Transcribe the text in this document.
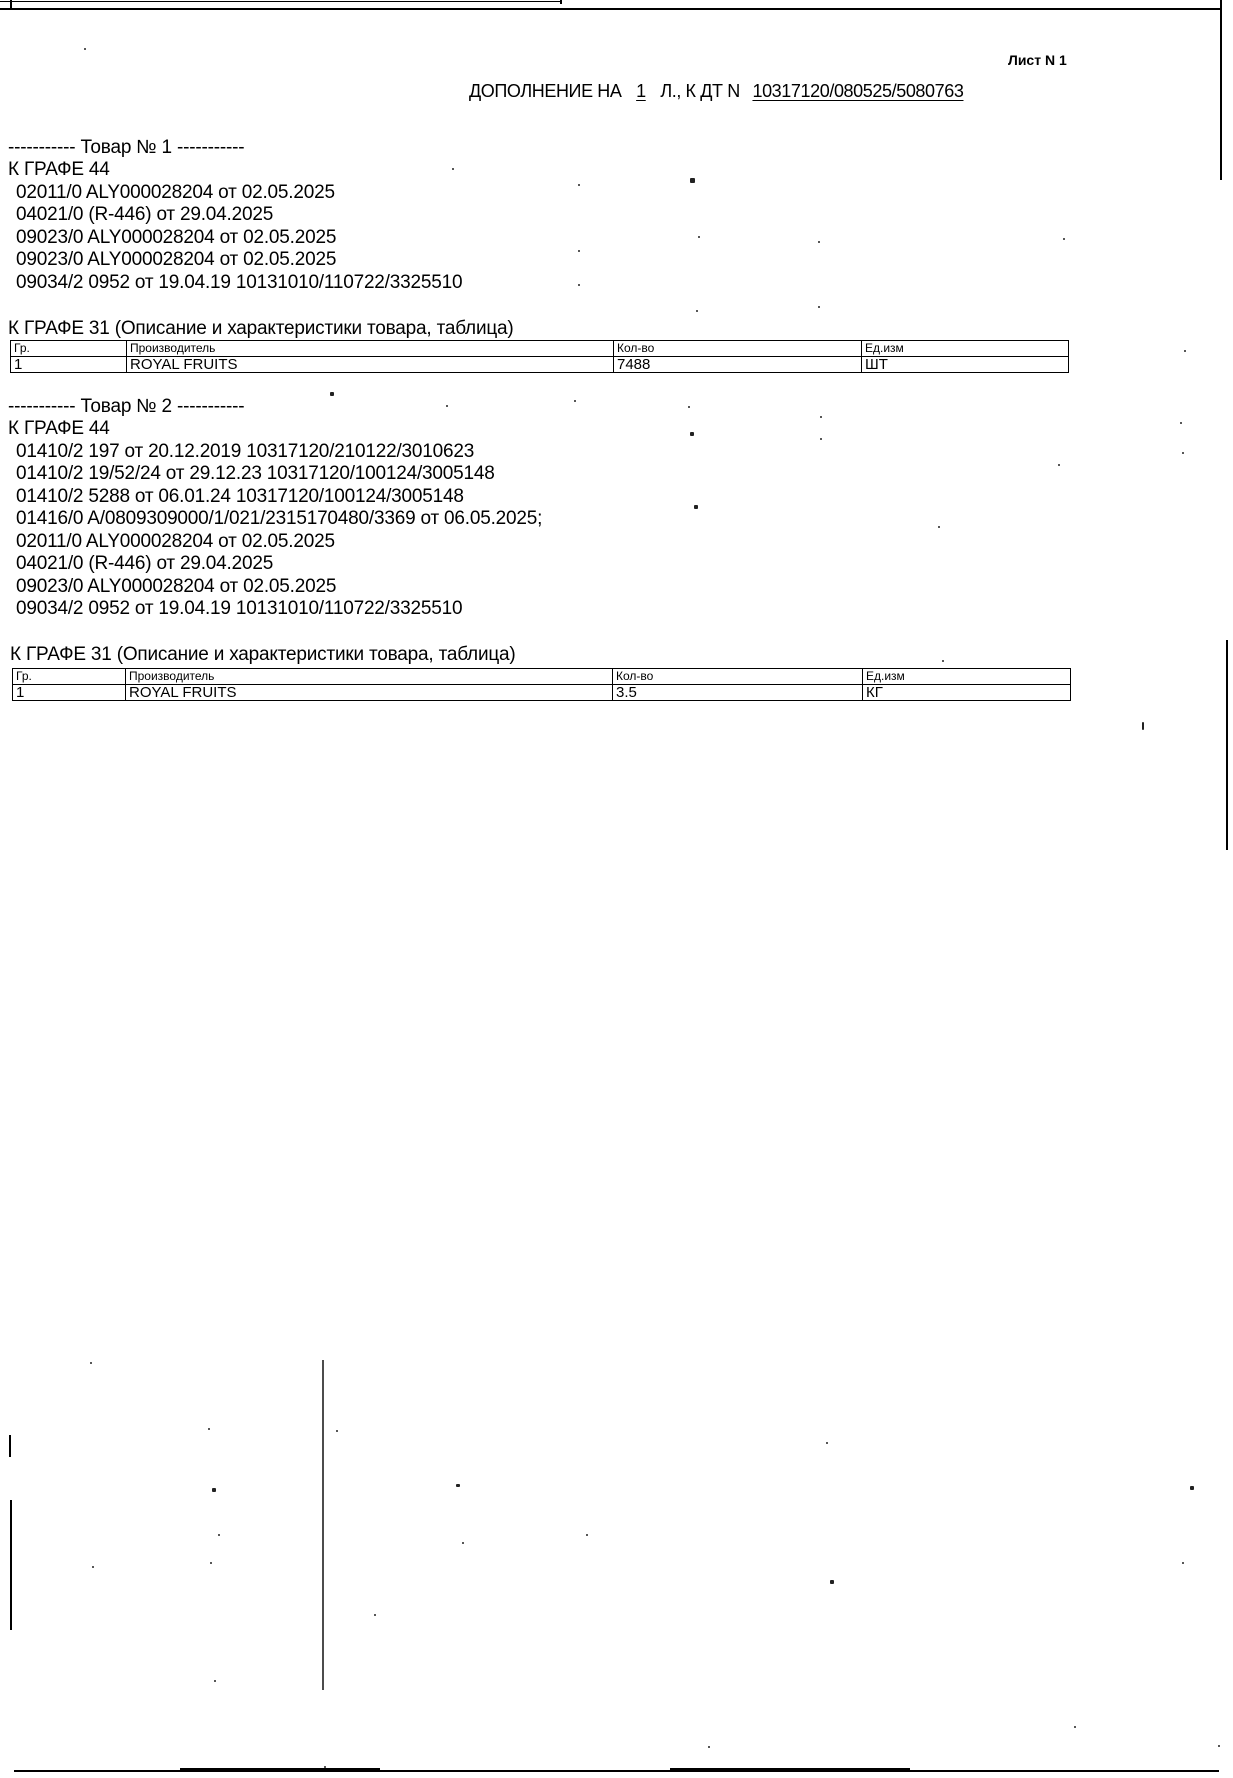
Лист N 1
ДОПОЛНЕНИЕ НА 1 Л., К ДТ N 10317120/080525/5080763
----------- Товар № 1 -----------
К ГРАФЕ 44
02011/0 ALY000028204 от 02.05.2025
04021/0 (R-446) от 29.04.2025
09023/0 ALY000028204 от 02.05.2025
09023/0 ALY000028204 от 02.05.2025
09034/2 0952 от 19.04.19 10131010/110722/3325510
К ГРАФЕ 31 (Описание и характеристики товара, таблица)
Гр.	Производитель	Кол-во	Ед.изм
1	ROYAL FRUITS	7488	ШТ
----------- Товар № 2 -----------
К ГРАФЕ 44
01410/2 197 от 20.12.2019 10317120/210122/3010623
01410/2 19/52/24 от 29.12.23 10317120/100124/3005148
01410/2 5288 от 06.01.24 10317120/100124/3005148
01416/0 A/0809309000/1/021/2315170480/3369 от 06.05.2025;
02011/0 ALY000028204 от 02.05.2025
04021/0 (R-446) от 29.04.2025
09023/0 ALY000028204 от 02.05.2025
09034/2 0952 от 19.04.19 10131010/110722/3325510
К ГРАФЕ 31 (Описание и характеристики товара, таблица)
Гр.	Производитель	Кол-во	Ед.изм
1	ROYAL FRUITS	3.5	КГ
